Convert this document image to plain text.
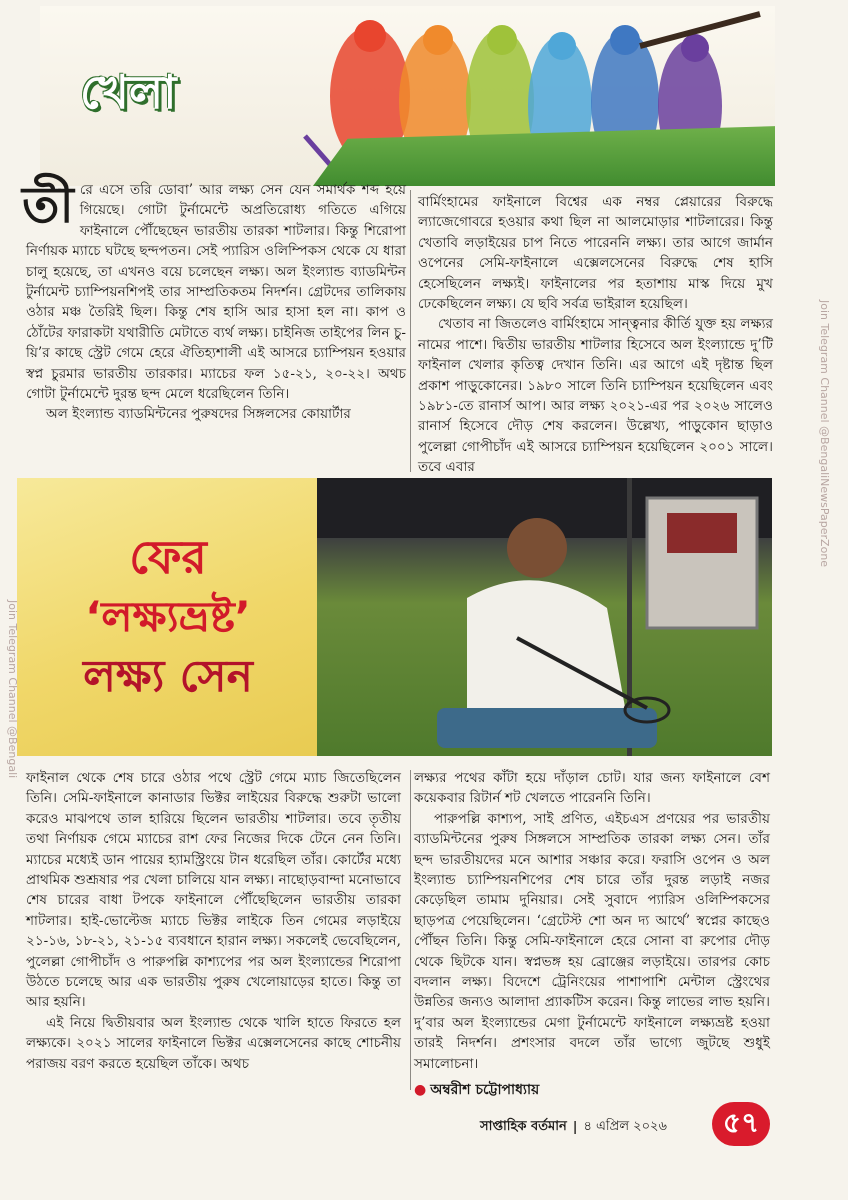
খেলা

তীরে এসে তরি ডোবা’ আর লক্ষ্য সেন যেন সমার্থক শব্দ হয়ে গিয়েছে। গোটা টুর্নামেন্টে অপ্রতিরোধ্য গতিতে এগিয়ে ফাইনালে পৌঁছেছেন ভারতীয় তারকা শাটলার। কিন্তু শিরোপা নির্ণায়ক ম্যাচে ঘটছে ছন্দপতন। সেই প্যারিস ওলিম্পিকস থেকে যে ধারা চালু হয়েছে, তা এখনও বয়ে চলেছেন লক্ষ্য। অল ইংল্যান্ড ব্যাডমিন্টন টুর্নামেন্ট চ্যাম্পিয়নশিপই তার সাম্প্রতিকতম নিদর্শন। গ্রেটদের তালিকায় ওঠার মঞ্চ তৈরিই ছিল। কিন্তু শেষ হাসি আর হাসা হল না। কাপ ও ঠোঁটের ফারাকটা যথারীতি মেটাতে ব্যর্থ লক্ষ্য। চাইনিজ তাইপের লিন চু-য়ি’র কাছে স্ট্রেট গেমে হেরে ঐতিহ্যশালী এই আসরে চ্যাম্পিয়ন হওয়ার স্বপ্ন চুরমার ভারতীয় তারকার। ম্যাচের ফল ১৫-২১, ২০-২২। অথচ গোটা টুর্নামেন্টে দুরন্ত ছন্দ মেলে ধরেছিলেন তিনি।

অল ইংল্যান্ড ব্যাডমিন্টনের পুরুষদের সিঙ্গলসের কোয়ার্টার

বার্মিংহামের ফাইনালে বিশ্বের এক নম্বর প্লেয়ারের বিরুদ্ধে ল্যাজেগোবরে হওয়ার কথা ছিল না আলমোড়ার শাটলারের। কিন্তু খেতাবি লড়াইয়ের চাপ নিতে পারেননি লক্ষ্য। তার আগে জার্মান ওপেনের সেমি-ফাইনালে এক্সেলসেনের বিরুদ্ধে শেষ হাসি হেসেছিলেন লক্ষ্যই। ফাইনালের পর হতাশায় মাস্ক দিয়ে মুখ ঢেকেছিলেন লক্ষ্য। যে ছবি সর্বত্র ভাইরাল হয়েছিল।

খেতাব না জিতলেও বার্মিংহামে সান্ত্বনার কীর্তি যুক্ত হয় লক্ষ্যর নামের পাশে। দ্বিতীয় ভারতীয় শাটলার হিসেবে অল ইংল্যান্ডে দু’টি ফাইনাল খেলার কৃতিত্ব দেখান তিনি। এর আগে এই দৃষ্টান্ত ছিল প্রকাশ পাড়ুকোনের। ১৯৮০ সালে তিনি চ্যাম্পিয়ন হয়েছিলেন এবং ১৯৮১-তে রানার্স আপ। আর লক্ষ্য ২০২১-এর পর ২০২৬ সালেও রানার্স হিসেবে দৌড় শেষ করলেন। উল্লেখ্য, পাড়ুকোন ছাড়াও পুলেল্লা গোপীচাঁদ এই আসরে চ্যাম্পিয়ন হয়েছিলেন ২০০১ সালে। তবে এবার

ফের
‘লক্ষ্যভ্রষ্ট’
লক্ষ্য সেন

ফাইনাল থেকে শেষ চারে ওঠার পথে স্ট্রেট গেমে ম্যাচ জিতেছিলেন তিনি। সেমি-ফাইনালে কানাডার ভিক্টর লাইয়ের বিরুদ্ধে শুরুটা ভালো করেও মাঝপথে তাল হারিয়ে ছিলেন ভারতীয় শাটলার। তবে তৃতীয় তথা নির্ণায়ক গেমে ম্যাচের রাশ ফের নিজের দিকে টেনে নেন তিনি। ম্যাচের মধ্যেই ডান পায়ের হ্যামস্ট্রিংয়ে টান ধরেছিল তাঁর। কোর্টের মধ্যে প্রাথমিক শুশ্রূষার পর খেলা চালিয়ে যান লক্ষ্য। নাছোড়বান্দা মনোভাবে শেষ চারের বাধা টপকে ফাইনালে পৌঁছেছিলেন ভারতীয় তারকা শাটলার। হাই-ভোল্টেজ ম্যাচে ভিক্টর লাইকে তিন গেমের লড়াইয়ে ২১-১৬, ১৮-২১, ২১-১৫ ব্যবধানে হারান লক্ষ্য। সকলেই ভেবেছিলেন, পুলেল্লা গোপীচাঁদ ও পারুপল্লি কাশ্যপের পর অল ইংল্যান্ডের শিরোপা উঠতে চলেছে আর এক ভারতীয় পুরুষ খেলোয়াড়ের হাতে। কিন্তু তা আর হয়নি।

এই নিয়ে দ্বিতীয়বার অল ইংল্যান্ড থেকে খালি হাতে ফিরতে হল লক্ষ্যকে। ২০২১ সালের ফাইনালে ভিক্টর এক্সেলসেনের কাছে শোচনীয় পরাজয় বরণ করতে হয়েছিল তাঁকে। অথচ

লক্ষ্যর পথের কাঁটা হয়ে দাঁড়াল চোট। যার জন্য ফাইনালে বেশ কয়েকবার রিটার্ন শট খেলতে পারেননি তিনি।

পারুপল্লি কাশ্যপ, সাই প্রণিত, এইচএস প্রণয়ের পর ভারতীয় ব্যাডমিন্টনের পুরুষ সিঙ্গলসে সাম্প্রতিক তারকা লক্ষ্য সেন। তাঁর ছন্দ ভারতীয়দের মনে আশার সঞ্চার করে। ফরাসি ওপেন ও অল ইংল্যান্ড চ্যাম্পিয়নশিপের শেষ চারে তাঁর দুরন্ত লড়াই নজর কেড়েছিল তামাম দুনিয়ার। সেই সুবাদে প্যারিস ওলিম্পিকসের ছাড়পত্র পেয়েছিলেন। ‘গ্রেটেস্ট শো অন দ্য আর্থে’ স্বপ্নের কাছেও পৌঁছন তিনি। কিন্তু সেমি-ফাইনালে হেরে সোনা বা রুপোর দৌড় থেকে ছিটকে যান। স্বপ্নভঙ্গ হয় ব্রোঞ্জের লড়াইয়ে। তারপর কোচ বদলান লক্ষ্য। বিদেশে ট্রেনিংয়ের পাশাপাশি মেন্টাল স্ট্রেংথের উন্নতির জন্যও আলাদা প্র্যাকটিস করেন। কিন্তু লাভের লাভ হয়নি। দু’বার অল ইংল্যান্ডের মেগা টুর্নামেন্টে ফাইনালে লক্ষ্যভ্রষ্ট হওয়া তারই নিদর্শন। প্রশংসার বদলে তাঁর ভাগ্যে জুটছে শুধুই সমালোচনা।

● অম্বরীশ চট্টোপাধ্যায়
সাপ্তাহিক বর্তমান | ৪ এপ্রিল ২০২৬	৫৭
Join Telegram Channel @BengaliNewsPaperZone
Join Telegram Channel @Bengali
